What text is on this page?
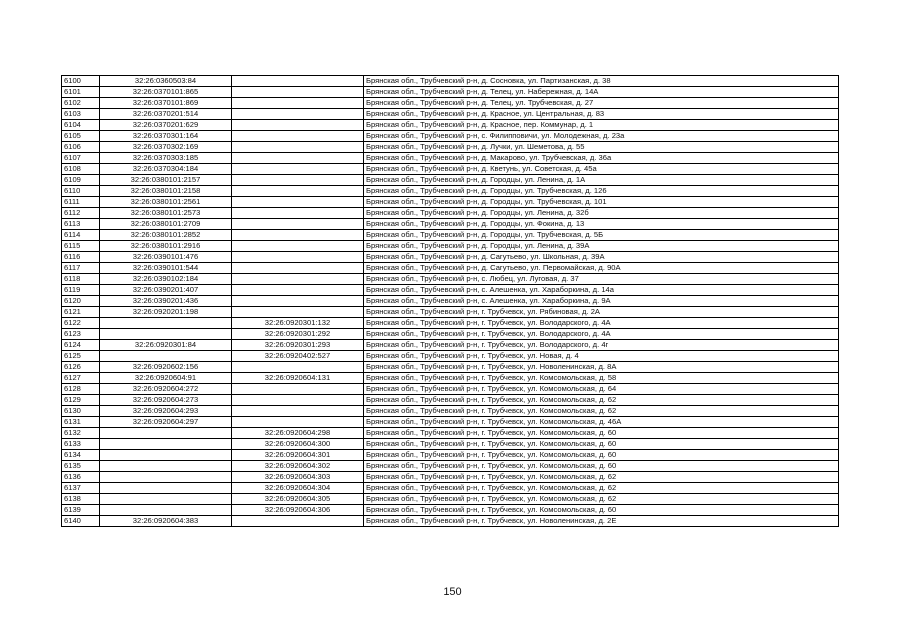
6100	32:26:0360503:84		Брянская обл., Трубчевский р-н, д. Сосновка, ул. Партизанская, д. 38
6101	32:26:0370101:865		Брянская обл., Трубчевский р-н, д. Телец, ул. Набережная, д. 14А
6102	32:26:0370101:869		Брянская обл., Трубчевский р-н, д. Телец, ул. Трубчевская, д. 27
6103	32:26:0370201:514		Брянская обл., Трубчевский р-н, д. Красное, ул. Центральная, д. 83
6104	32:26:0370201:629		Брянская обл., Трубчевский р-н, д. Красное, пер. Коммунар, д. 1
6105	32:26:0370301:164		Брянская обл., Трубчевский р-н, с. Филипповичи, ул. Молодежная, д. 23а
6106	32:26:0370302:169		Брянская обл., Трубчевский р-н, д. Лучки, ул. Шеметова, д. 55
6107	32:26:0370303:185		Брянская обл., Трубчевский р-н, д. Макарово, ул. Трубчевская, д. 36а
6108	32:26:0370304:184		Брянская обл., Трубчевский р-н, д. Кветунь, ул. Советская, д. 45а
6109	32:26:0380101:2157		Брянская обл., Трубчевский р-н, д. Городцы, ул. Ленина, д. 1А
6110	32:26:0380101:2158		Брянская обл., Трубчевский р-н, д. Городцы, ул. Трубчевская, д. 126
6111	32:26:0380101:2561		Брянская обл., Трубчевский р-н, д. Городцы, ул. Трубчевская, д. 101
6112	32:26:0380101:2573		Брянская обл., Трубчевский р-н, д. Городцы, ул. Ленина, д. 32б
6113	32:26:0380101:2709		Брянская обл., Трубчевский р-н, д. Городцы, ул. Фокина, д. 13
6114	32:26:0380101:2852		Брянская обл., Трубчевский р-н, д. Городцы, ул. Трубчевская, д. 5Б
6115	32:26:0380101:2916		Брянская обл., Трубчевский р-н, д. Городцы, ул. Ленина, д. 39А
6116	32:26:0390101:476		Брянская обл., Трубчевский р-н, д. Сагутьево, ул. Школьная, д. 39А
6117	32:26:0390101:544		Брянская обл., Трубчевский р-н, д. Сагутьево, ул. Первомайская, д. 90А
6118	32:26:0390102:184		Брянская обл., Трубчевский р-н, с. Любец, ул. Луговая, д. 37
6119	32:26:0390201:407		Брянская обл., Трубчевский р-н, с. Алешенка, ул. Хараборкина, д. 14а
6120	32:26:0390201:436		Брянская обл., Трубчевский р-н, с. Алешенка, ул. Хараборкина, д. 9А
6121	32:26:0920201:198		Брянская обл., Трубчевский р-н, г. Трубчевск, ул. Рябиновая, д. 2А
6122		32:26:0920301:132	Брянская обл., Трубчевский р-н, г. Трубчевск, ул. Володарского, д. 4А
6123		32:26:0920301:292	Брянская обл., Трубчевский р-н, г. Трубчевск, ул. Володарского, д. 4А
6124	32:26:0920301:84	32:26:0920301:293	Брянская обл., Трубчевский р-н, г. Трубчевск, ул. Володарского, д. 4г
6125		32:26:0920402:527	Брянская обл., Трубчевский р-н, г. Трубчевск, ул. Новая, д. 4
6126	32:26:0920602:156		Брянская обл., Трубчевский р-н, г. Трубчевск, ул. Новоленинская, д. 8А
6127	32:26:0920604:91	32:26:0920604:131	Брянская обл., Трубчевский р-н, г. Трубчевск, ул. Комсомольская, д. 58
6128	32:26:0920604:272		Брянская обл., Трубчевский р-н, г. Трубчевск, ул. Комсомольская, д. 64
6129	32:26:0920604:273		Брянская обл., Трубчевский р-н, г. Трубчевск, ул. Комсомольская, д. 62
6130	32:26:0920604:293		Брянская обл., Трубчевский р-н, г. Трубчевск, ул. Комсомольская, д. 62
6131	32:26:0920604:297		Брянская обл., Трубчевский р-н, г. Трубчевск, ул. Комсомольская, д. 46А
6132		32:26:0920604:298	Брянская обл., Трубчевский р-н, г. Трубчевск, ул. Комсомольская, д. 60
6133		32:26:0920604:300	Брянская обл., Трубчевский р-н, г. Трубчевск, ул. Комсомольская, д. 60
6134		32:26:0920604:301	Брянская обл., Трубчевский р-н, г. Трубчевск, ул. Комсомольская, д. 60
6135		32:26:0920604:302	Брянская обл., Трубчевский р-н, г. Трубчевск, ул. Комсомольская, д. 60
6136		32:26:0920604:303	Брянская обл., Трубчевский р-н, г. Трубчевск, ул. Комсомольская, д. 62
6137		32:26:0920604:304	Брянская обл., Трубчевский р-н, г. Трубчевск, ул. Комсомольская, д. 62
6138		32:26:0920604:305	Брянская обл., Трубчевский р-н, г. Трубчевск, ул. Комсомольская, д. 62
6139		32:26:0920604:306	Брянская обл., Трубчевский р-н, г. Трубчевск, ул. Комсомольская, д. 60
6140	32:26:0920604:383		Брянская обл., Трубчевский р-н, г. Трубчевск, ул. Новоленинская, д. 2Е
150
